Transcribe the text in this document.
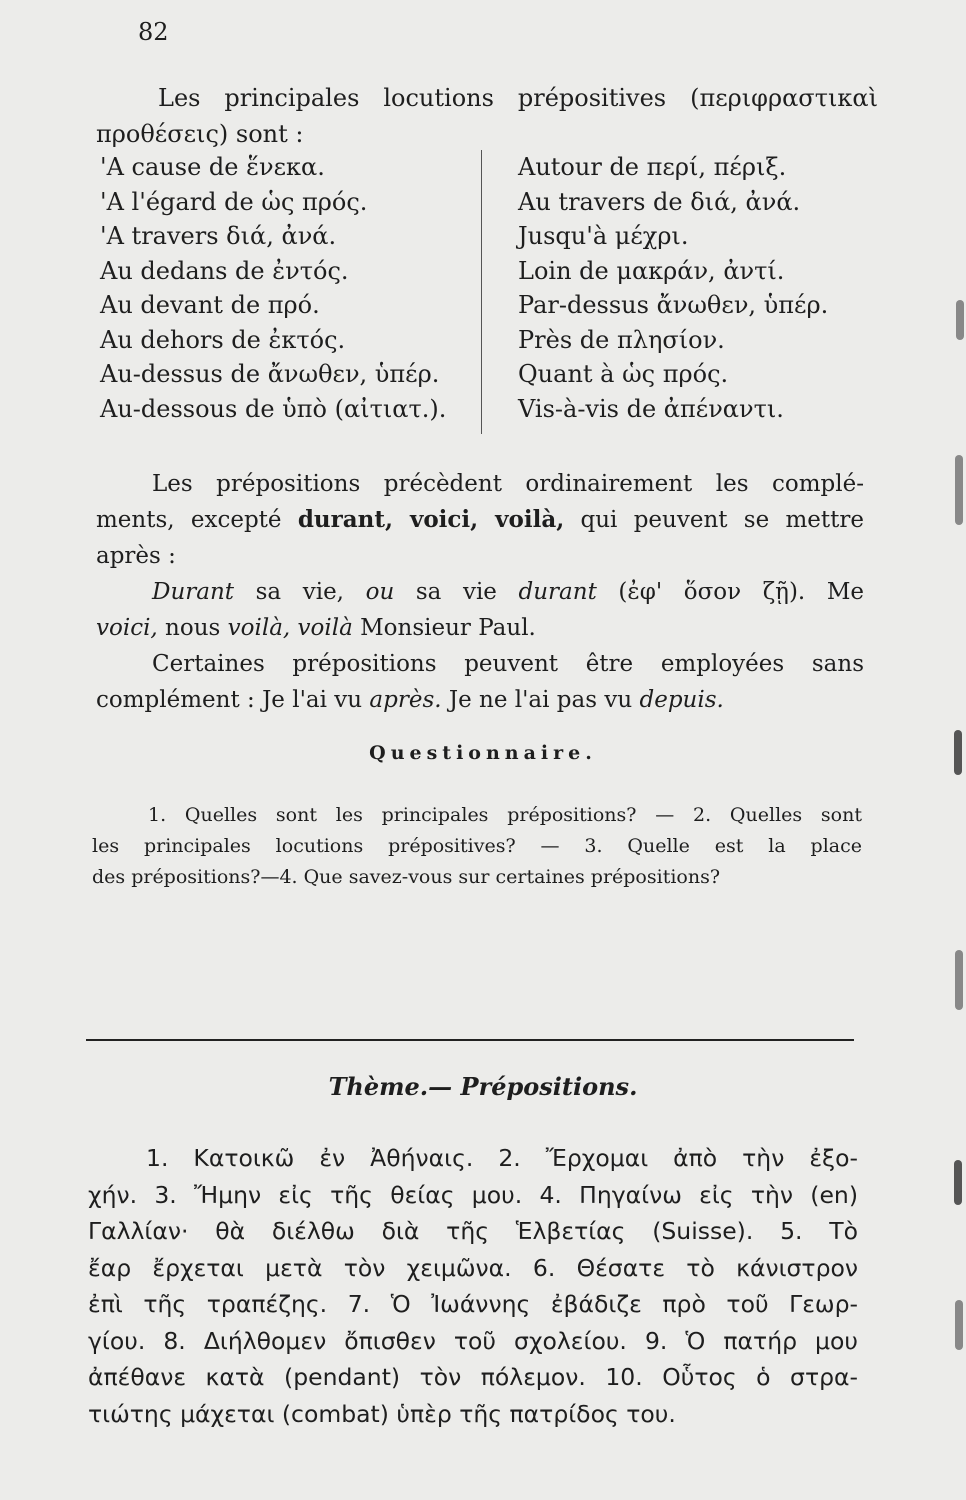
82
Les principales locutions prépositives (περιφραστικαὶ
προθέσεις) sont :
'A cause de ἕνεκα.
'A l'égard de ὡς πρός.
'A travers διά, ἀνά.
Au dedans de ἐντός.
Au devant de πρό.
Au dehors de ἐκτός.
Au-dessus de ἄνωθεν, ὑπέρ.
Au-dessous de ὑπὸ (αἰτιατ.).
Autour de περί, πέριξ.
Au travers de διά, ἀνά.
Jusqu'à μέχρι.
Loin de μακράν, ἀντί.
Par-dessus ἄνωθεν, ὑπέρ.
Près de πλησίον.
Quant à ὡς πρός.
Vis-à-vis de ἀπέναντι.
Les prépositions précèdent ordinairement les complé-
ments, excepté durant, voici, voilà, qui peuvent se mettre
après :
Durant sa vie, ou sa vie durant (ἐφ' ὅσον ζῇ). Me
voici, nous voilà, voilà Monsieur Paul.
Certaines prépositions peuvent être employées sans
complément : Je l'ai vu après. Je ne l'ai pas vu depuis.
Questionnaire.
1. Quelles sont les principales prépositions? — 2. Quelles sont
les principales locutions prépositives? — 3. Quelle est la place
des prépositions?—4. Que savez-vous sur certaines prépositions?
Thème.— Prépositions.
1. Κατοικῶ ἐν Ἀθήναις. 2. Ἔρχομαι ἀπὸ τὴν ἐξο-
χήν. 3. Ἤμην εἰς τῆς θείας μου. 4. Πηγαίνω εἰς τὴν (en)
Γαλλίαν· θὰ διέλθω διὰ τῆς Ἑλβετίας (Suisse). 5. Τὸ
ἔαρ ἔρχεται μετὰ τὸν χειμῶνα. 6. Θέσατε τὸ κάνιστρον
ἐπὶ τῆς τραπέζης. 7. Ὁ Ἰωάννης ἐβάδιζε πρὸ τοῦ Γεωρ-
γίου. 8. Διήλθομεν ὄπισθεν τοῦ σχολείου. 9. Ὁ πατήρ μου
ἀπέθανε κατὰ (pendant) τὸν πόλεμον. 10. Οὗτος ὁ στρα-
τιώτης μάχεται (combat) ὑπὲρ τῆς πατρίδος του.
